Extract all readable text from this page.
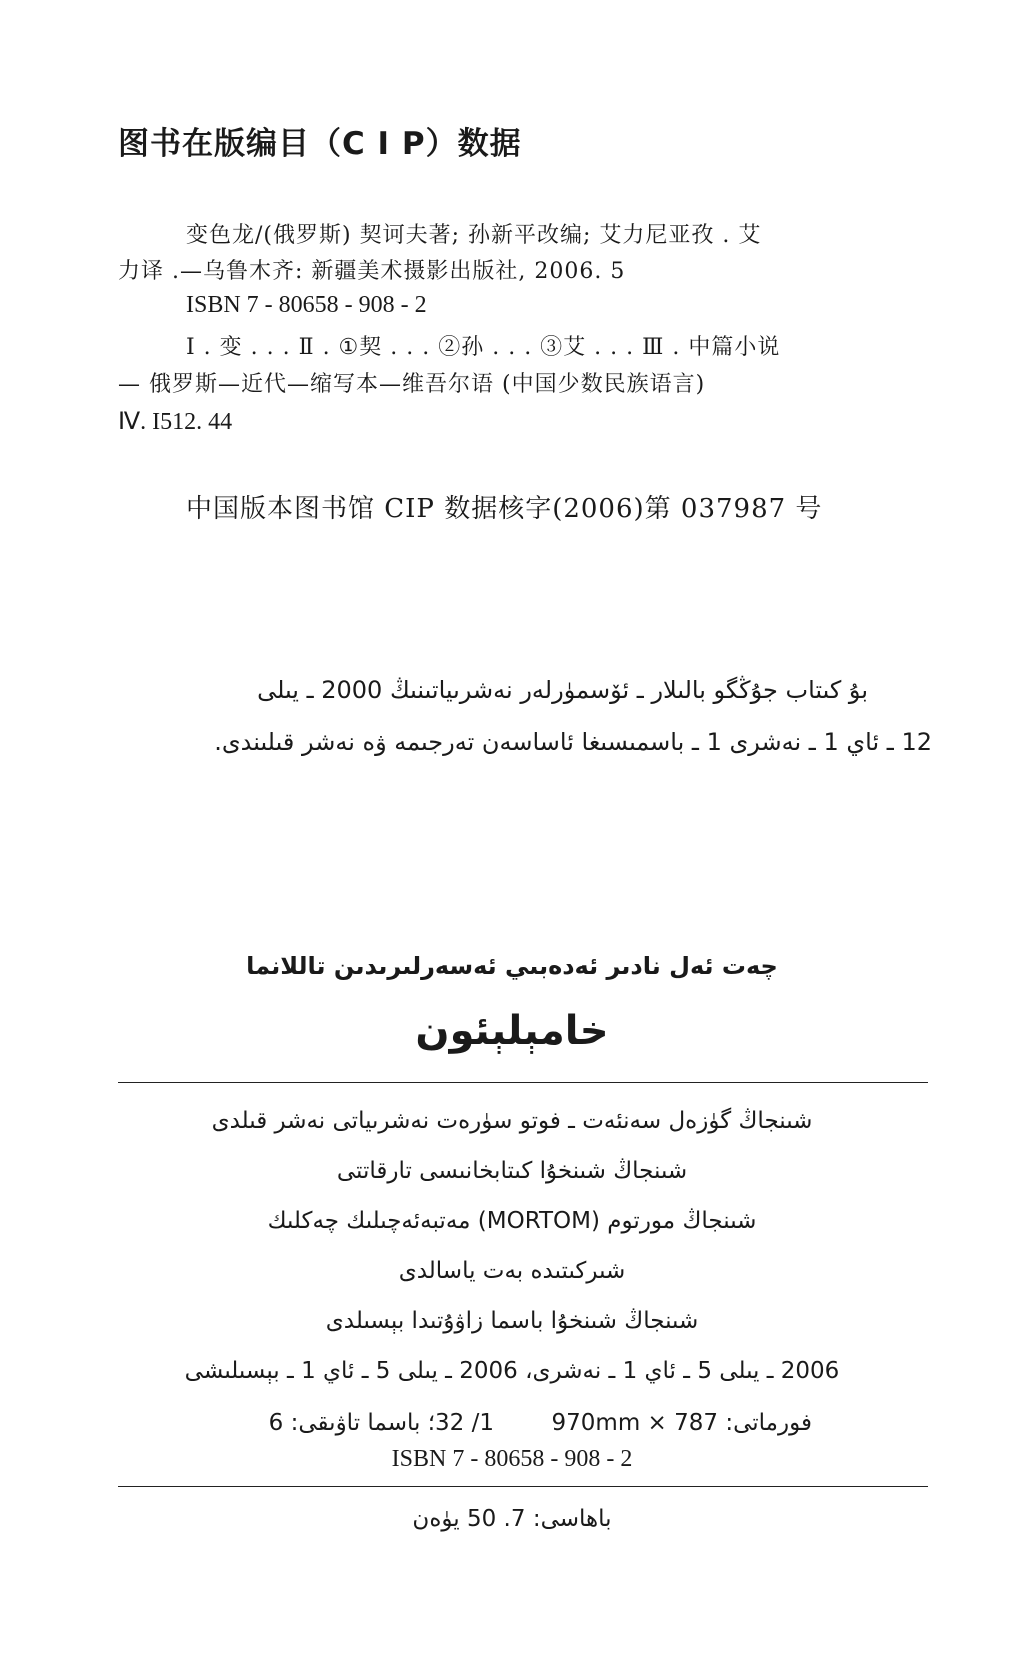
图书在版编目（C I P）数据
变色龙/(俄罗斯) 契诃夫著; 孙新平改编; 艾力尼亚孜 . 艾
力译 .—乌鲁木齐: 新疆美术摄影出版社, 2006. 5
ISBN 7 - 80658 - 908 - 2
Ⅰ . 变 . . . Ⅱ . ①契 . . . ②孙 . . . ③艾 . . . Ⅲ . 中篇小说
— 俄罗斯—近代—缩写本—维吾尔语 (中国少数民族语言)
Ⅳ. I512. 44
中国版本图书馆 CIP 数据核字(2006)第 037987 号
بۇ كىتاب جۇڭگو بالىلار ـ ئۆسمۈرلەر نەشرىياتىنىڭ 2000 ـ يىلى
12 ـ ئاي 1 ـ نەشرى 1 ـ باسمىسىغا ئاساسەن تەرجىمە ۋە نەشر قىلىندى.
چەت ئەل نادىر ئەدەبىي ئەسەرلىرىدىن تاللانما
خامېلېئون
شىنجاڭ گۈزەل سەنئەت ـ فوتو سۈرەت نەشرىياتى نەشر قىلدى
شىنجاڭ شىنخۇا كىتابخانىسى تارقاتتى
شىنجاڭ مورتوم (MORTOM) مەتبەئەچىلىك چەكلىك
شىركىتىدە بەت ياسالدى
شىنجاڭ شىنخۇا باسما زاۋۇتىدا بېسىلدى
2006 ـ يىلى 5 ـ ئاي 1 ـ نەشرى، 2006 ـ يىلى 5 ـ ئاي 1 ـ بېسىلىشى
فورماتى: 787 × 970mm
1/ 32؛ باسما تاۋىقى: 6
ISBN 7 - 80658 - 908 - 2
باھاسى: 7. 50 يۈەن
